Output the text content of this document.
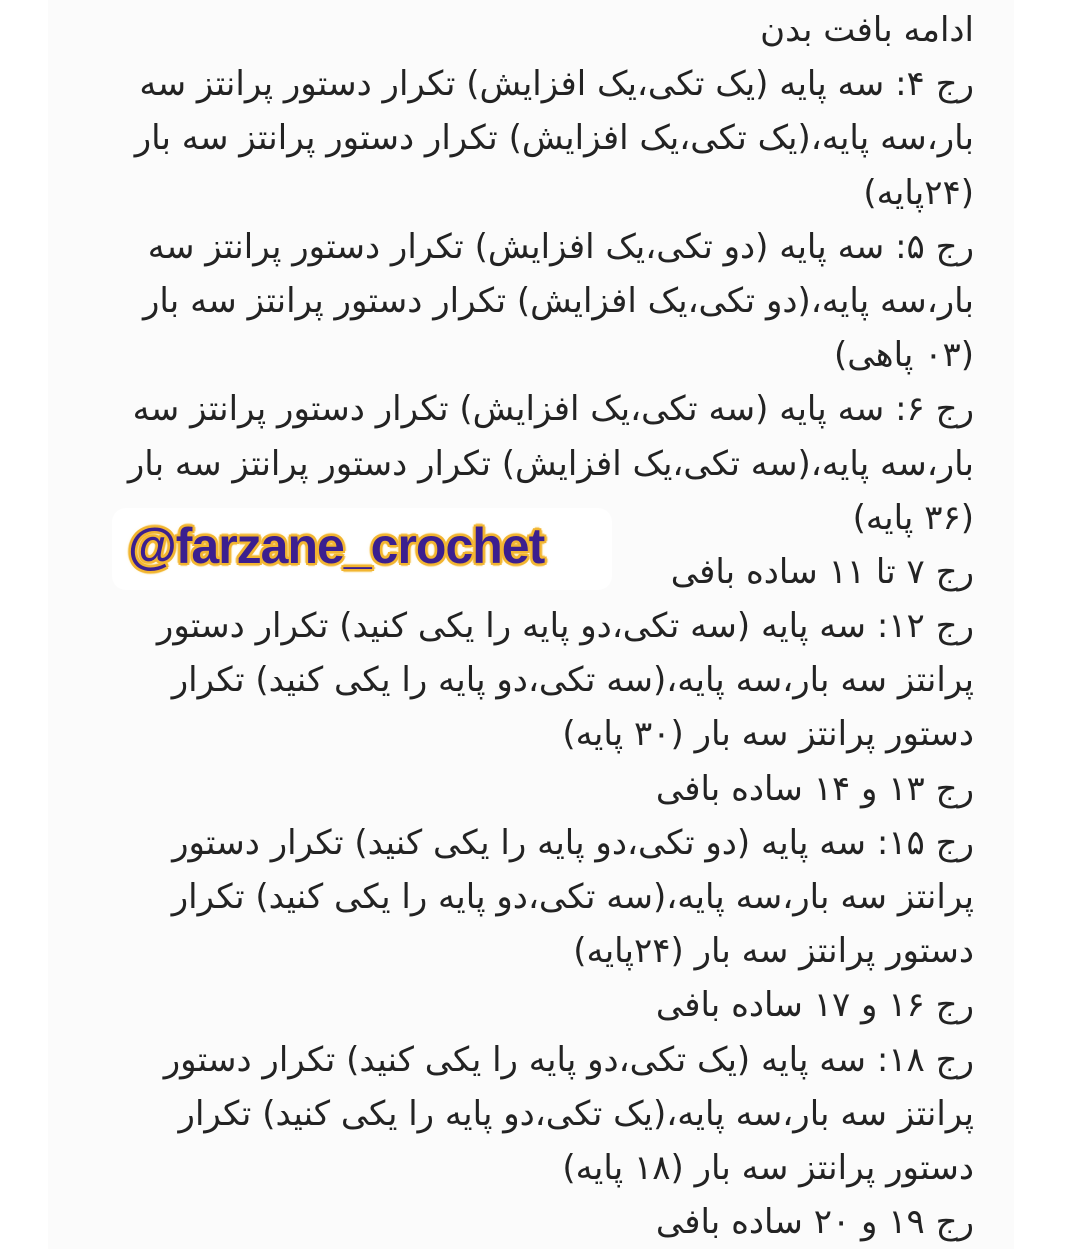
ادامه بافت بدن
رج ۴: سه پایه (یک تکی،یک افزایش) تکرار دستور پرانتز سه
بار،سه پایه،(یک تکی،یک افزایش) تکرار دستور پرانتز سه بار
(۲۴پایه)
رج ۵: سه پایه (دو تکی،یک افزایش) تکرار دستور پرانتز سه
بار،سه پایه،(دو تکی،یک افزایش) تکرار دستور پرانتز سه بار
(۰۳ پاهی)
رج ۶: سه پایه (سه تکی،یک افزایش) تکرار دستور پرانتز سه
بار،سه پایه،(سه تکی،یک افزایش) تکرار دستور پرانتز سه بار
(۳۶ پایه)
رج ۷ تا ۱۱ ساده بافی
رج ۱۲: سه پایه (سه تکی،دو پایه را یکی کنید) تکرار دستور
پرانتز سه بار،سه پایه،(سه تکی،دو پایه را یکی کنید) تکرار
دستور پرانتز سه بار (۳۰ پایه)
رج ۱۳ و ۱۴ ساده بافی
رج ۱۵: سه پایه (دو تکی،دو پایه را یکی کنید) تکرار دستور
پرانتز سه بار،سه پایه،(سه تکی،دو پایه را یکی کنید) تکرار
دستور پرانتز سه بار (۲۴پایه)
رج ۱۶ و ۱۷ ساده بافی
رج ۱۸: سه پایه (یک تکی،دو پایه را یکی کنید) تکرار دستور
پرانتز سه بار،سه پایه،(یک تکی،دو پایه را یکی کنید) تکرار
دستور پرانتز سه بار (۱۸ پایه)
رج ۱۹ و ۲۰ ساده بافی
@farzane_crochet
